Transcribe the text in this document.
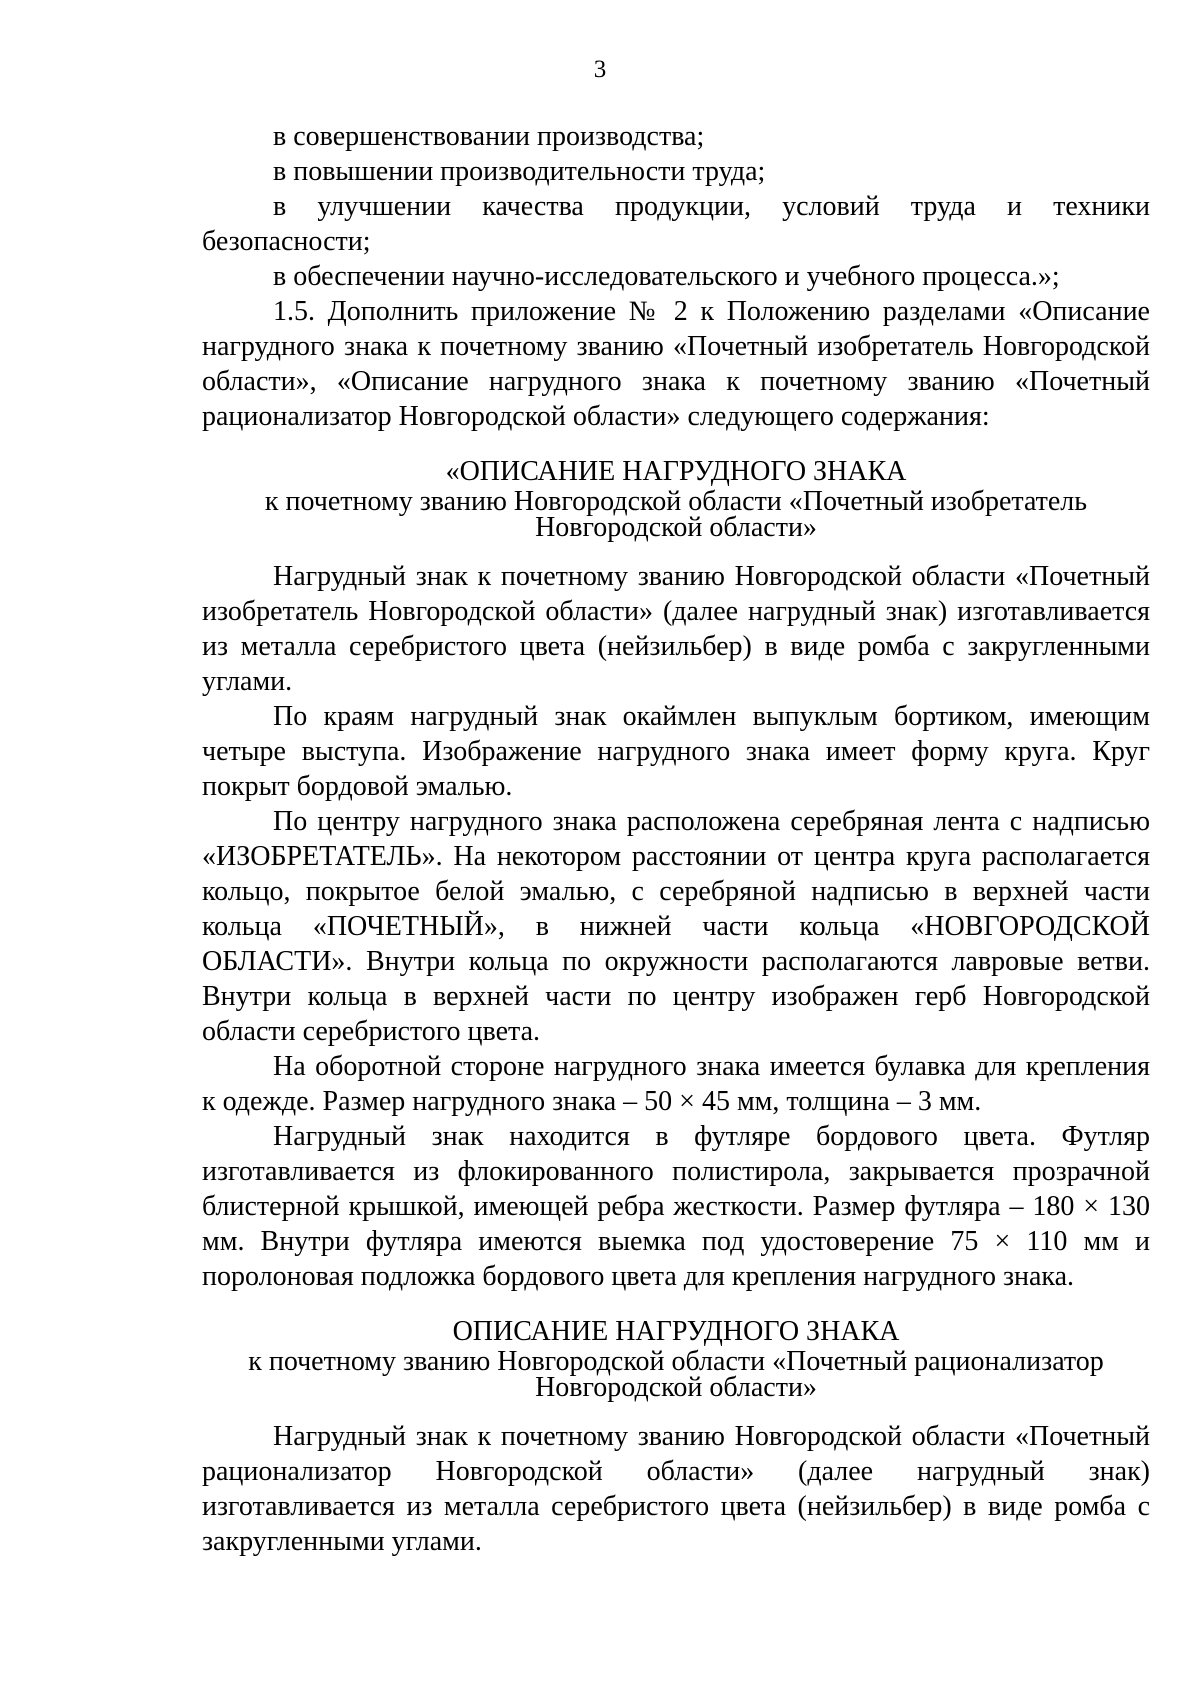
3

в совершенствовании производства;

в повышении производительности труда;

в улучшении качества продукции, условий труда и техники безопасности;

в обеспечении научно-исследовательского и учебного процесса.»;

1.5. Дополнить приложение № 2 к Положению разделами «Описание нагрудного знака к почетному званию «Почетный изобретатель Новгородской области», «Описание нагрудного знака к почетному званию «Почетный рационализатор Новгородской области» следующего содержания:

«ОПИСАНИЕ НАГРУДНОГО ЗНАКА

к почетному званию Новгородской области «Почетный изобретатель

Новгородской области»

Нагрудный знак к почетному званию Новгородской области «Почетный изобретатель Новгородской области» (далее нагрудный знак) изготавливается из металла серебристого цвета (нейзильбер) в виде ромба с закругленными углами.

По краям нагрудный знак окаймлен выпуклым бортиком, имеющим четыре выступа. Изображение нагрудного знака имеет форму круга. Круг покрыт бордовой эмалью.

По центру нагрудного знака расположена серебряная лента с надписью «ИЗОБРЕТАТЕЛЬ». На некотором расстоянии от центра круга располагается кольцо, покрытое белой эмалью, с серебряной надписью в верхней части кольца «ПОЧЕТНЫЙ», в нижней части кольца «НОВГОРОДСКОЙ ОБЛАСТИ». Внутри кольца по окружности располагаются лавровые ветви. Внутри кольца в верхней части по центру изображен герб Новгородской области серебристого цвета.

На оборотной стороне нагрудного знака имеется булавка для крепления к одежде. Размер нагрудного знака – 50 × 45 мм, толщина – 3 мм.

Нагрудный знак находится в футляре бордового цвета. Футляр изготавливается из флокированного полистирола, закрывается прозрачной блистерной крышкой, имеющей ребра жесткости. Размер футляра – 180 × 130 мм. Внутри футляра имеются выемка под удостоверение 75 × 110 мм и поролоновая подложка бордового цвета для крепления нагрудного знака.

ОПИСАНИЕ НАГРУДНОГО ЗНАКА

к почетному званию Новгородской области «Почетный рационализатор

Новгородской области»

Нагрудный знак к почетному званию Новгородской области «Почетный рационализатор Новгородской области» (далее нагрудный знак) изготавливается из металла серебристого цвета (нейзильбер) в виде ромба с закругленными углами.
